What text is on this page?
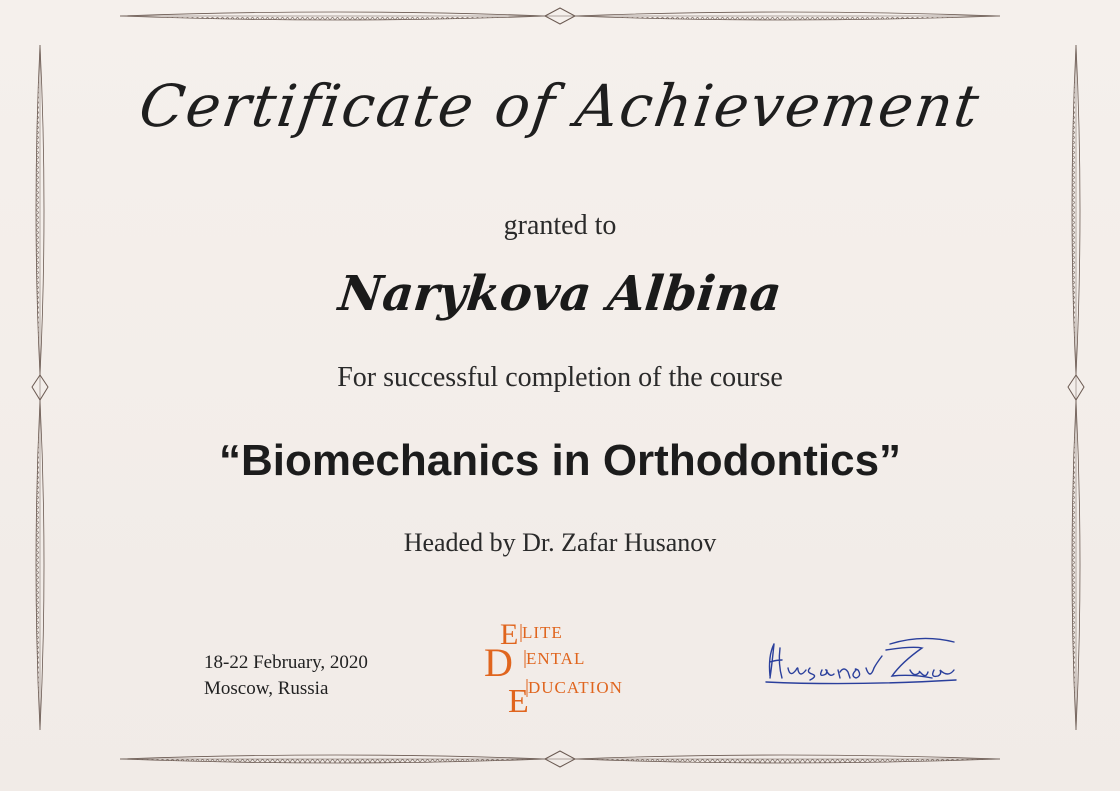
Certificate of Achievement
granted to
Narykova Albina
For successful completion of the course
“Biomechanics in Orthodontics”
Headed by Dr. Zafar Husanov
18-22 February, 2020
Moscow, Russia
E
D
E
LITE
ENTAL
DUCATION
